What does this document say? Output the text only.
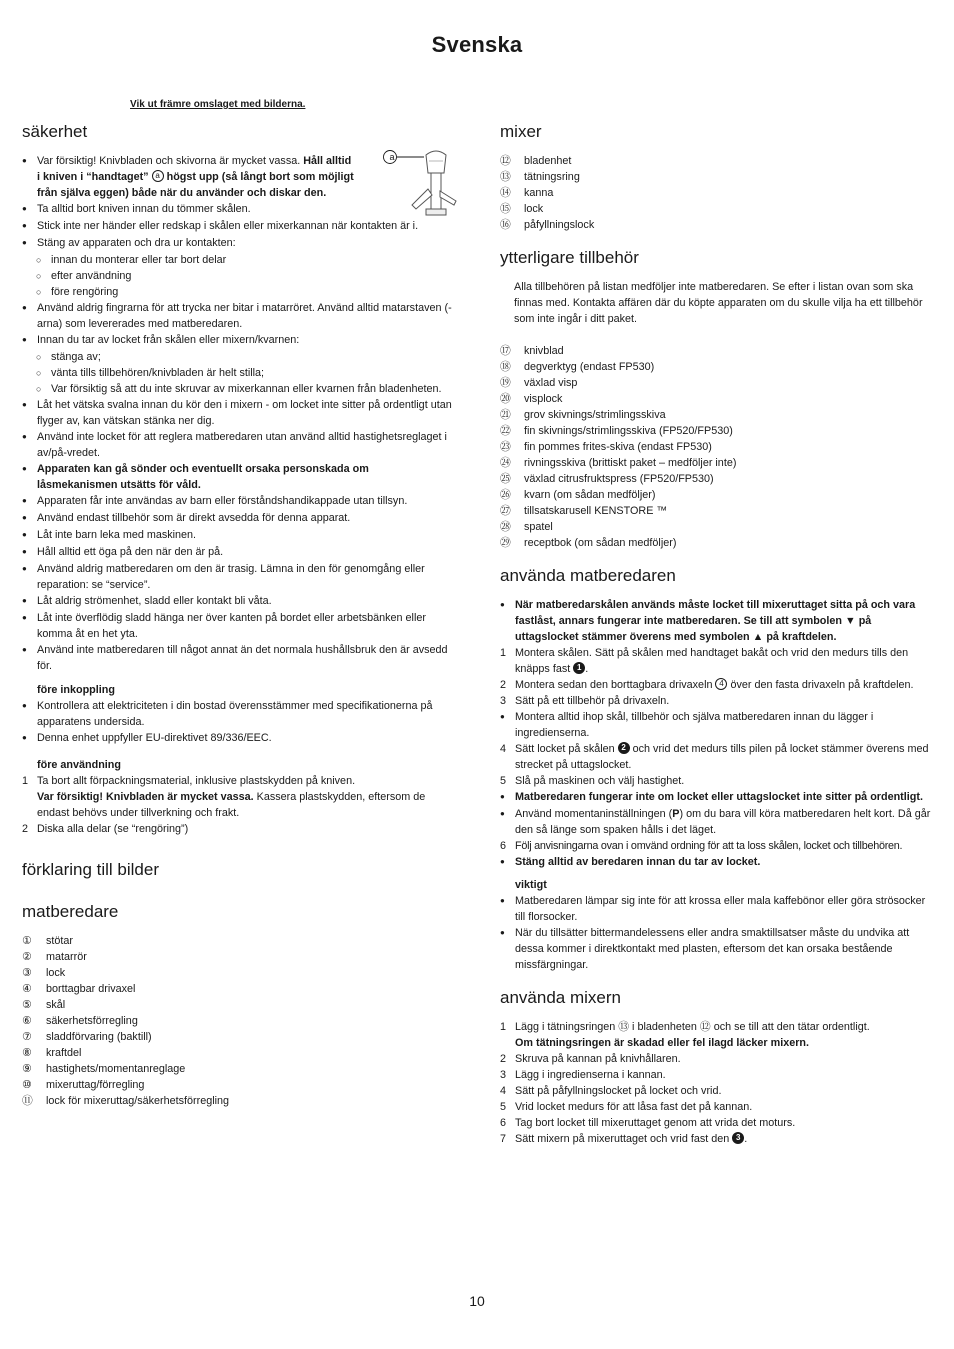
Svenska
Vik ut främre omslaget med bilderna.
säkerhet
a
●
Var försiktig! Knivbladen och skivorna är mycket vassa. Håll alltid i kniven i “handtaget” a högst upp (så långt bort som möjligt från själva eggen) både när du använder och diskar den.
●
Ta alltid bort kniven innan du tömmer skålen.
●
Stick inte ner händer eller redskap i skålen eller mixerkannan när kontakten är i.
●
Stäng av apparaten och dra ur kontakten:
○ innan du monterar eller tar bort delar
○ efter användning
○ före rengöring
●
Använd aldrig fingrarna för att trycka ner bitar i matarröret. Använd alltid matarstaven (-arna) som levererades med matberedaren.
●
Innan du tar av locket från skålen eller mixern/kvarnen:
○ stänga av;
○ vänta tills tillbehören/knivbladen är helt stilla;
○ Var försiktig så att du inte skruvar av mixerkannan eller kvarnen från bladenheten.
●
Låt het vätska svalna innan du kör den i mixern - om locket inte sitter på ordentligt utan flyger av, kan vätskan stänka ner dig.
●
Använd inte locket för att reglera matberedaren utan använd alltid hastighetsreglaget i av/på-vredet.
●
Apparaten kan gå sönder och eventuellt orsaka personskada om låsmekanismen utsätts för våld.
●
Apparaten får inte användas av barn eller förståndshandikappade utan tillsyn.
●
Använd endast tillbehör som är direkt avsedda för denna apparat.
●
Låt inte barn leka med maskinen.
●
Håll alltid ett öga på den när den är på.
●
Använd aldrig matberedaren om den är trasig. Lämna in den för genomgång eller reparation: se “service”.
●
Låt aldrig strömenhet, sladd eller kontakt bli våta.
●
Låt inte överflödig sladd hänga ner över kanten på bordet eller arbetsbänken eller komma åt en het yta.
●
Använd inte matberedaren till något annat än det normala hushållsbruk den är avsedd för.
före inkoppling
●
Kontrollera att elektriciteten i din bostad överensstämmer med specifikationerna på apparatens undersida.
●
Denna enhet uppfyller EU-direktivet 89/336/EEC.
före användning
1 Ta bort allt förpackningsmaterial, inklusive plastskydden på kniven.
Var försiktig! Knivbladen är mycket vassa. Kassera plastskydden, eftersom de endast behövs under tillverkning och frakt.
2 Diska alla delar (se “rengöring”)
förklaring till bilder
matberedare
①	stötar
②	matarrör
③	lock
④	borttagbar drivaxel
⑤	skål
⑥	säkerhetsförregling
⑦	sladdförvaring (baktill)
⑧	kraftdel
⑨	hastighets/momentanreglage
⑩	mixeruttag/förregling
⑪	lock för mixeruttag/säkerhetsförregling
mixer
⑫	bladenhet
⑬	tätningsring
⑭	kanna
⑮	lock
⑯	påfyllningslock
ytterligare tillbehör
Alla tillbehören på listan medföljer inte matberedaren. Se efter i listan ovan som ska finnas med. Kontakta affären där du köpte apparaten om du skulle vilja ha ett tillbehör som inte ingår i ditt paket.
⑰	knivblad
⑱	degverktyg (endast FP530)
⑲	växlad visp
⑳	visplock
㉑	grov skivnings/strimlingsskiva
㉒	fin skivnings/strimlingsskiva (FP520/FP530)
㉓	fin pommes frites-skiva (endast FP530)
㉔	rivningsskiva (brittiskt paket – medföljer inte)
㉕	växlad citrusfruktspress (FP520/FP530)
㉖	kvarn (om sådan medföljer)
㉗	tillsatskarusell KENSTORE ™
㉘	spatel
㉙	receptbok (om sådan medföljer)
använda matberedaren
●
När matberedarskålen används måste locket till mixeruttaget sitta på och vara fastlåst, annars fungerar inte matberedaren. Se till att symbolen ▼ på uttagslocket stämmer överens med symbolen ▲ på kraftdelen.
1 Montera skålen. Sätt på skålen med handtaget bakåt och vrid den medurs tills den knäpps fast 1 .
2 Montera sedan den borttagbara drivaxeln 4 över den fasta drivaxeln på kraftdelen.
3 Sätt på ett tillbehör på drivaxeln.
●
Montera alltid ihop skål, tillbehör och själva matberedaren innan du lägger i ingredienserna.
4 Sätt locket på skålen 2 och vrid det medurs tills pilen på locket stämmer överens med strecket på uttagslocket.
5 Slå på maskinen och välj hastighet.
●
Matberedaren fungerar inte om locket eller uttagslocket inte sitter på ordentligt.
●
Använd momentaninställningen (P) om du bara vill köra matberedaren helt kort. Då går den så länge som spaken hålls i det läget.
6 Följ anvisningarna ovan i omvänd ordning för att ta loss skålen, locket och tillbehören.
●
Stäng alltid av beredaren innan du tar av locket.
viktigt
●
Matberedaren lämpar sig inte för att krossa eller mala kaffebönor eller göra strösocker till florsocker.
●
När du tillsätter bittermandelessens eller andra smaktillsatser måste du undvika att dessa kommer i direktkontakt med plasten, eftersom det kan orsaka bestående missfärgningar.
använda mixern
1 Lägg i tätningsringen ⑬ i bladenheten ⑫ och se till att den tätar ordentligt.
Om tätningsringen är skadad eller fel ilagd läcker mixern.
2 Skruva på kannan på knivhållaren.
3 Lägg i ingredienserna i kannan.
4 Sätt på påfyllningslocket på locket och vrid.
5 Vrid locket medurs för att låsa fast det på kannan.
6 Tag bort locket till mixeruttaget genom att vrida det moturs.
7 Sätt mixern på mixeruttaget och vrid fast den 3 .
10
